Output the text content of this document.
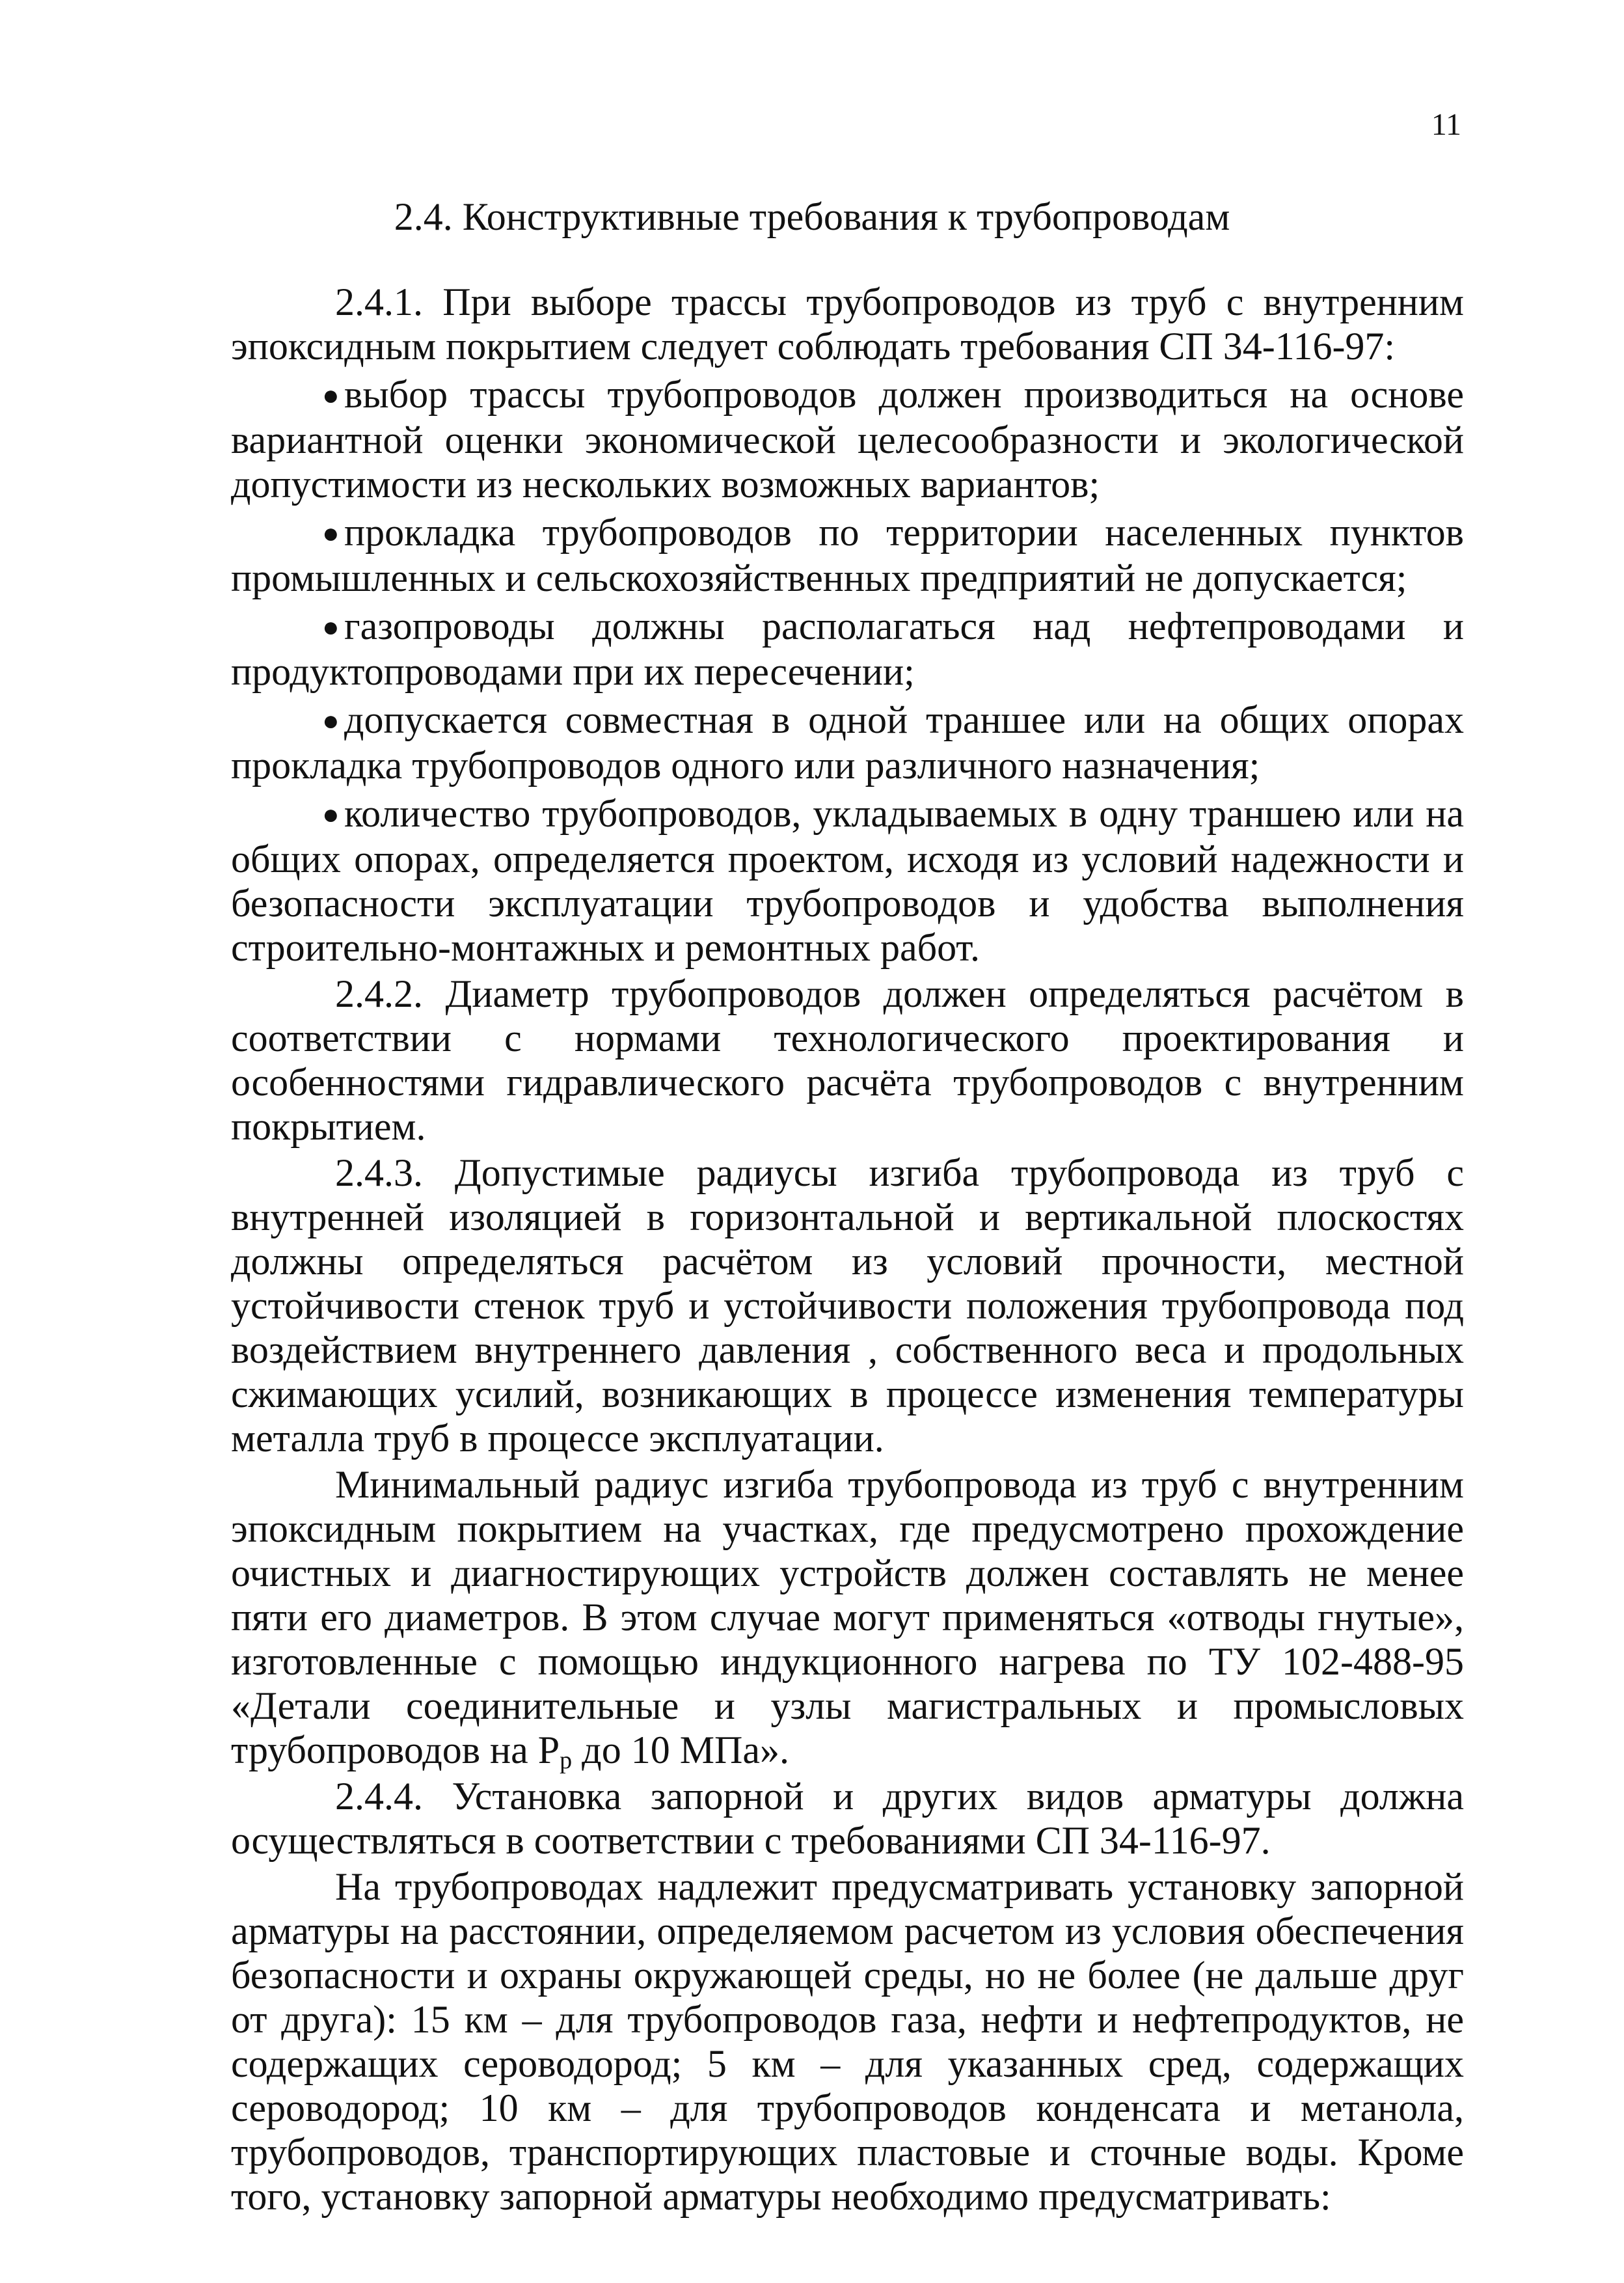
11
2.4. Конструктивные требования к трубопроводам

2.4.1. При выборе трассы трубопроводов из труб с внутренним эпоксидным покрытием следует соблюдать требования СП 34-116-97:

● выбор трассы трубопроводов должен производиться на основе вариантной оценки экономической целесообразности и экологической допустимости из нескольких возможных вариантов;

● прокладка трубопроводов по территории населенных пунктов промышленных и сельскохозяйственных предприятий не допускается;

● газопроводы должны располагаться над нефтепроводами и продуктопроводами при их пересечении;

● допускается совместная в одной траншее или на общих опорах прокладка трубопроводов одного или различного назначения;

● количество трубопроводов, укладываемых в одну траншею или на общих опорах, определяется проектом, исходя из условий надежности и безопасности эксплуатации трубопроводов и удобства выполнения строительно-монтажных и ремонтных работ.

2.4.2. Диаметр трубопроводов должен определяться расчётом в соответствии с нормами технологического проектирования и особенностями гидравлического расчёта трубопроводов с внутренним покрытием.

2.4.3. Допустимые радиусы изгиба трубопровода из труб с внутренней изоляцией в горизонтальной и вертикальной плоскостях должны определяться расчётом из условий прочности, местной устойчивости стенок труб и устойчивости положения трубопровода под воздействием внутреннего давления , собственного веса и продольных сжимающих усилий, возникающих в процессе изменения температуры металла труб в процессе эксплуатации.

Минимальный радиус изгиба трубопровода из труб с внутренним эпоксидным покрытием на участках, где предусмотрено прохождение очистных и диагностирующих устройств должен составлять не менее пяти его диаметров. В этом случае могут применяться «отводы гнутые», изготовленные с помощью индукционного нагрева по ТУ 102-488-95 «Детали соединительные и узлы магистральных и промысловых трубопроводов на $Р_р$ до 10 МПа».

2.4.4. Установка запорной и других видов арматуры должна осуществляться в соответствии с требованиями СП 34-116-97.

На трубопроводах надлежит предусматривать установку запорной арматуры на расстоянии, определяемом расчетом из условия обеспечения безопасности и охраны окружающей среды, но не более (не дальше друг от друга): 15 км – для трубопроводов газа, нефти и нефтепродуктов, не содержащих сероводород; 5 км – для указанных сред, содержащих сероводород; 10 км – для трубопроводов конденсата и метанола, трубопроводов, транспортирующих пластовые и сточные воды. Кроме того, установку запорной арматуры необходимо предусматривать:
